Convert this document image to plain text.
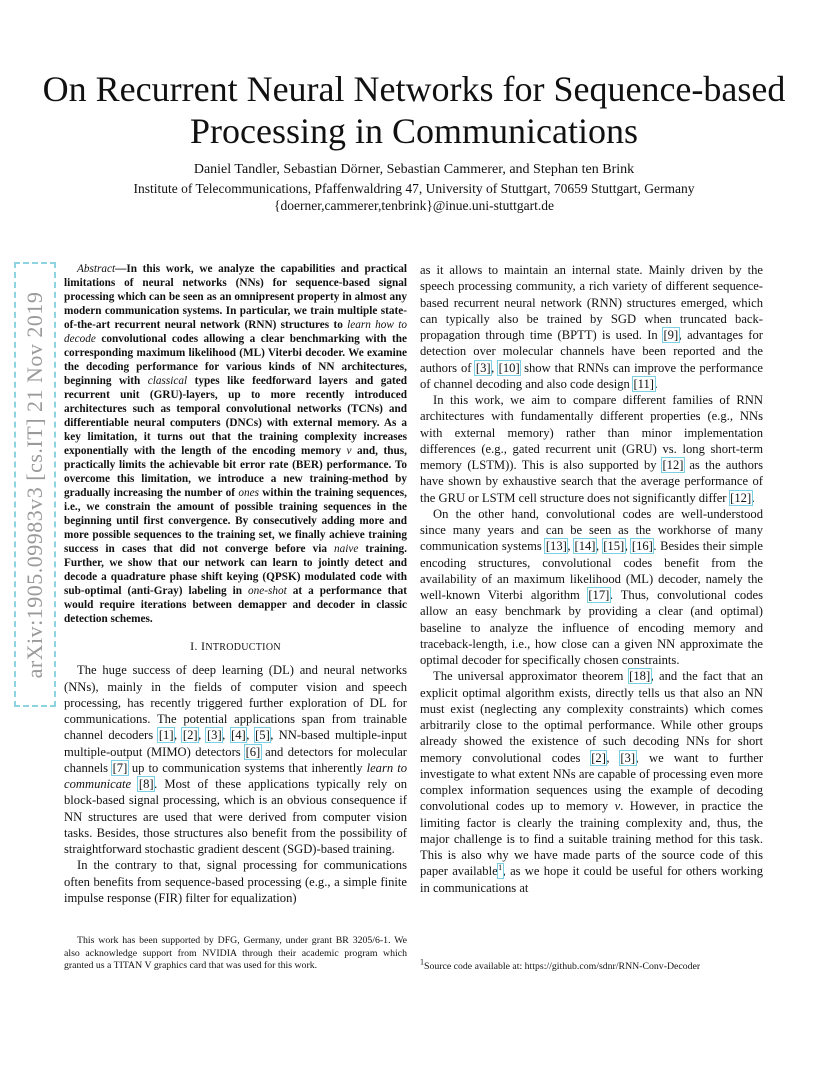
On Recurrent Neural Networks for Sequence-based Processing in Communications

Daniel Tandler, Sebastian Dörner, Sebastian Cammerer, and Stephan ten Brink

Institute of Telecommunications, Pfaffenwaldring 47, University of Stuttgart, 70659 Stuttgart, Germany

{doerner,cammerer,tenbrink}@inue.uni-stuttgart.de

arXiv:1905.09983v3 [cs.IT] 21 Nov 2019

Abstract—In this work, we analyze the capabilities and practical limitations of neural networks (NNs) for sequence-based signal processing which can be seen as an omnipresent property in almost any modern communication systems. In particular, we train multiple state-of-the-art recurrent neural network (RNN) structures to learn how to decode convolutional codes allowing a clear benchmarking with the corresponding maximum likelihood (ML) Viterbi decoder. We examine the decoding performance for various kinds of NN architectures, beginning with classical types like feedforward layers and gated recurrent unit (GRU)-layers, up to more recently introduced architectures such as temporal convolutional networks (TCNs) and differentiable neural computers (DNCs) with external memory. As a key limitation, it turns out that the training complexity increases exponentially with the length of the encoding memory ν and, thus, practically limits the achievable bit error rate (BER) performance. To overcome this limitation, we introduce a new training-method by gradually increasing the number of ones within the training sequences, i.e., we constrain the amount of possible training sequences in the beginning until first convergence. By consecutively adding more and more possible sequences to the training set, we finally achieve training success in cases that did not converge before via naive training. Further, we show that our network can learn to jointly detect and decode a quadrature phase shift keying (QPSK) modulated code with sub-optimal (anti-Gray) labeling in one-shot at a performance that would require iterations between demapper and decoder in classic detection schemes.

I. INTRODUCTION

The huge success of deep learning (DL) and neural networks (NNs), mainly in the fields of computer vision and speech processing, has recently triggered further exploration of DL for communications. The potential applications span from trainable channel decoders [1], [2], [3], [4], [5], NN-based multiple-input multiple-output (MIMO) detectors [6] and detectors for molecular channels [7] up to communication systems that inherently learn to communicate [8]. Most of these applications typically rely on block-based signal processing, which is an obvious consequence if NN structures are used that were derived from computer vision tasks. Besides, those structures also benefit from the possibility of straightforward stochastic gradient descent (SGD)-based training.

In the contrary to that, signal processing for communications often benefits from sequence-based processing (e.g., a simple finite impulse response (FIR) filter for equalization)

as it allows to maintain an internal state. Mainly driven by the speech processing community, a rich variety of different sequence-based recurrent neural network (RNN) structures emerged, which can typically also be trained by SGD when truncated back-propagation through time (BPTT) is used. In [9], advantages for detection over molecular channels have been reported and the authors of [3], [10] show that RNNs can improve the performance of channel decoding and also code design [11].

In this work, we aim to compare different families of RNN architectures with fundamentally different properties (e.g., NNs with external memory) rather than minor implementation differences (e.g., gated recurrent unit (GRU) vs. long short-term memory (LSTM)). This is also supported by [12] as the authors have shown by exhaustive search that the average performance of the GRU or LSTM cell structure does not significantly differ [12].

On the other hand, convolutional codes are well-understood since many years and can be seen as the workhorse of many communication systems [13], [14], [15], [16]. Besides their simple encoding structures, convolutional codes benefit from the availability of an maximum likelihood (ML) decoder, namely the well-known Viterbi algorithm [17]. Thus, convolutional codes allow an easy benchmark by providing a clear (and optimal) baseline to analyze the influence of encoding memory and traceback-length, i.e., how close can a given NN approximate the optimal decoder for specifically chosen constraints.

The universal approximator theorem [18], and the fact that an explicit optimal algorithm exists, directly tells us that also an NN must exist (neglecting any complexity constraints) which comes arbitrarily close to the optimal performance. While other groups already showed the existence of such decoding NNs for short memory convolutional codes [2], [3], we want to further investigate to what extent NNs are capable of processing even more complex information sequences using the example of decoding convolutional codes up to memory ν. However, in practice the limiting factor is clearly the training complexity and, thus, the major challenge is to find a suitable training method for this task. This is also why we have made parts of the source code of this paper available$^1$, as we hope it could be useful for others working in communications at

This work has been supported by DFG, Germany, under grant BR 3205/6-1. We also acknowledge support from NVIDIA through their academic program which granted us a TITAN V graphics card that was used for this work.	$^1$Source code available at: https://github.com/sdnr/RNN-Conv-Decoder
